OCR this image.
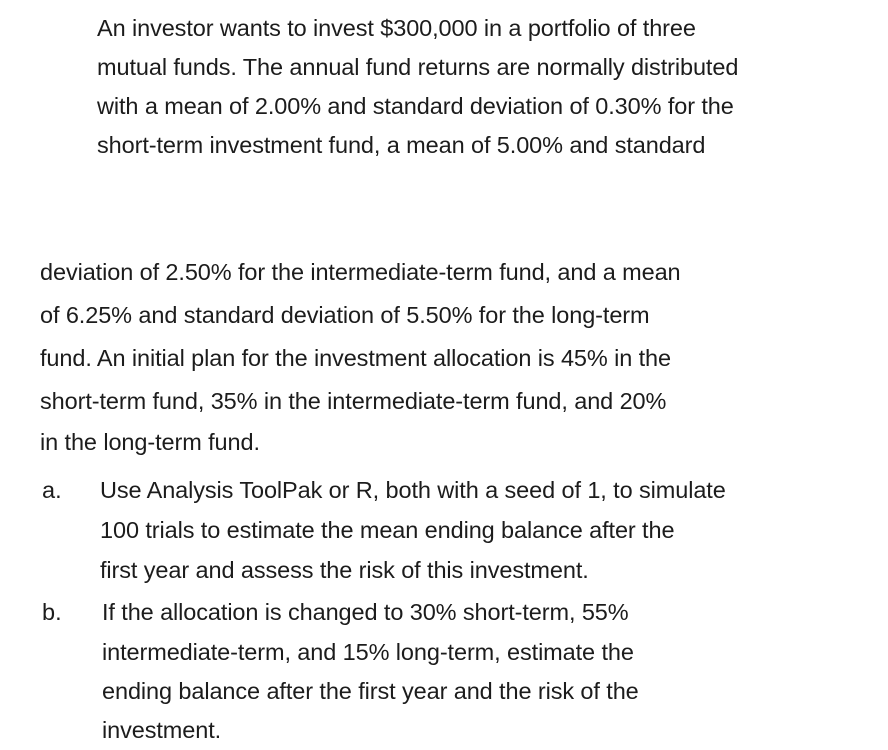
An investor wants to invest $300,000 in a portfolio of three
mutual funds. The annual fund returns are normally distributed
with a mean of 2.00% and standard deviation of 0.30% for the
short-term investment fund, a mean of 5.00% and standard
deviation of 2.50% for the intermediate-term fund, and a mean
of 6.25% and standard deviation of 5.50% for the long-term
fund. An initial plan for the investment allocation is 45% in the
short-term fund, 35% in the intermediate-term fund, and 20%
in the long-term fund.
a. Use Analysis ToolPak or R, both with a seed of 1, to simulate
100 trials to estimate the mean ending balance after the
first year and assess the risk of this investment.
b. If the allocation is changed to 30% short-term, 55%
intermediate-term, and 15% long-term, estimate the
ending balance after the first year and the risk of the
investment.
